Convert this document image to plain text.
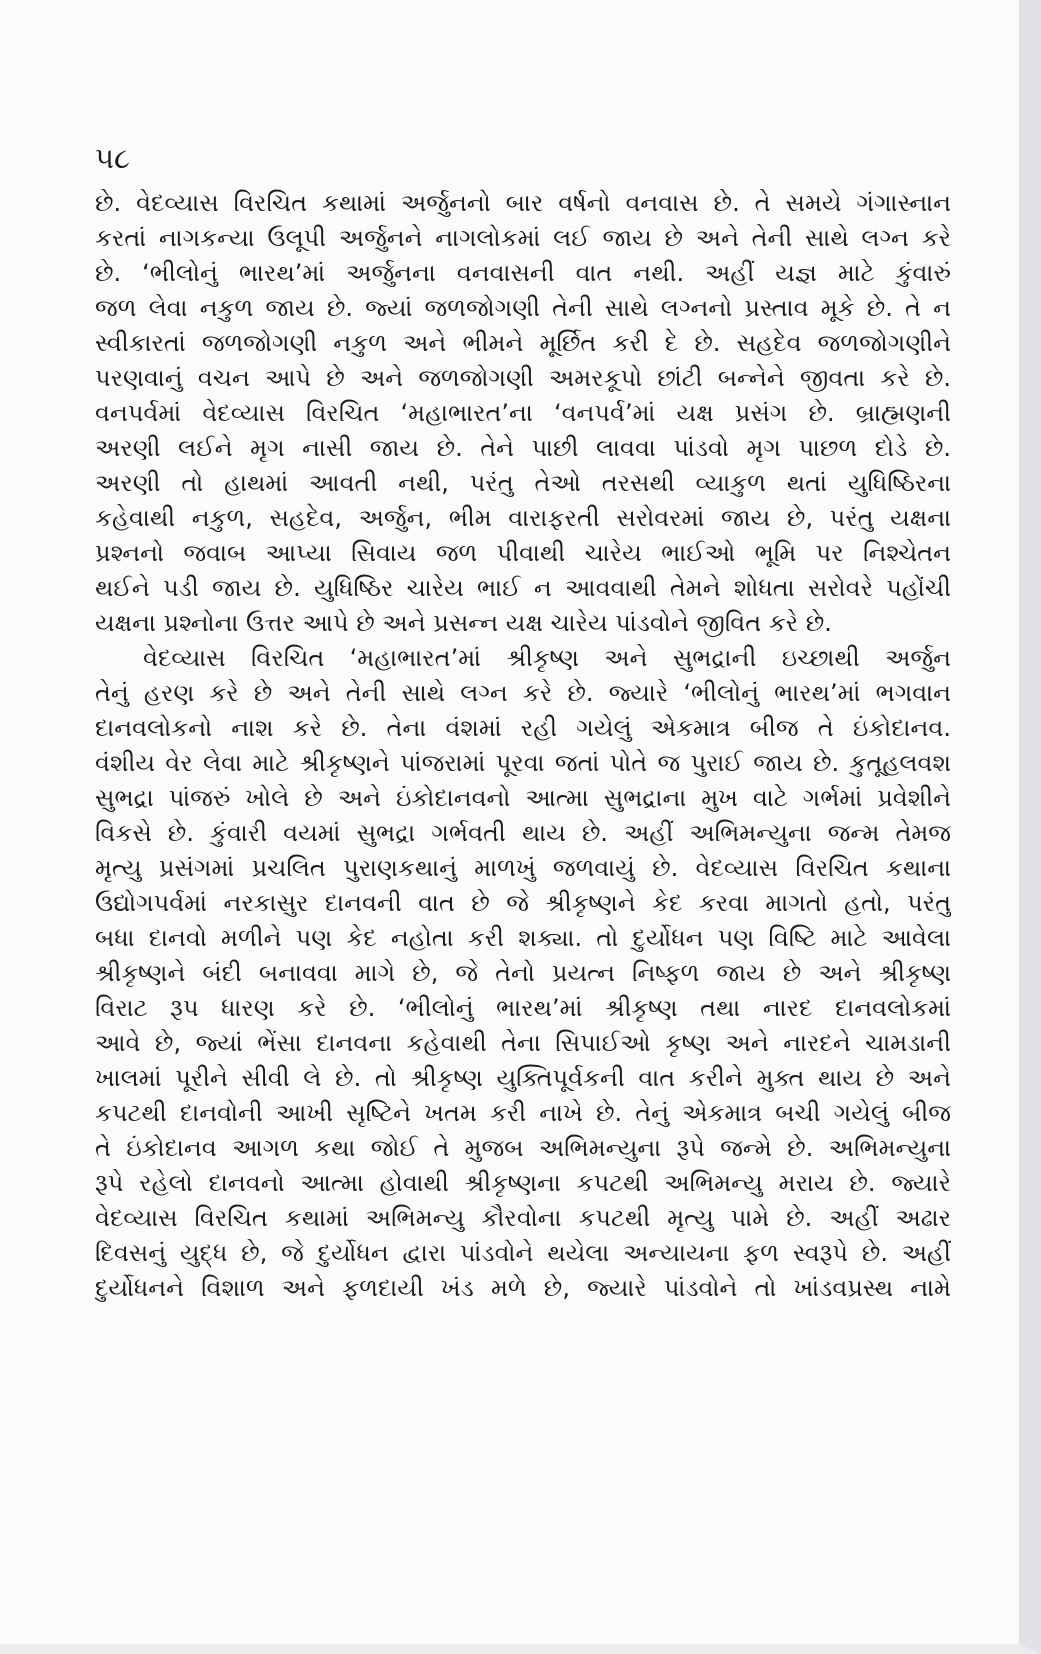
૫૮
છે. વેદવ્યાસ વિરચિત કથામાં અર્જુનનો બાર વર્ષનો વનવાસ છે. તે સમયે ગંગાસ્નાન
કરતાં નાગકન્યા ઉલૂપી અર્જુનને નાગલોકમાં લઈ જાય છે અને તેની સાથે લગ્ન કરે
છે. ‘ભીલોનું ભારથ’માં અર્જુનના વનવાસની વાત નથી. અહીં યજ્ઞ માટે કુંવારું
જળ લેવા નકુળ જાય છે. જ્યાં જળજોગણી તેની સાથે લગ્નનો પ્રસ્તાવ મૂકે છે. તે ન
સ્વીકારતાં જળજોગણી નકુળ અને ભીમને મૂર્છિત કરી દે છે. સહદેવ જળજોગણીને
પરણવાનું વચન આપે છે અને જળજોગણી અમરકૂપો છાંટી બન્નેને જીવતા કરે છે.
વનપર્વમાં વેદવ્યાસ વિરચિત ‘મહાભારત’ના ‘વનપર્વ’માં યક્ષ પ્રસંગ છે. બ્રાહ્મણની
અરણી લઈને મૃગ નાસી જાય છે. તેને પાછી લાવવા પાંડવો મૃગ પાછળ દોડે છે.
અરણી તો હાથમાં આવતી નથી, પરંતુ તેઓ તરસથી વ્યાકુળ થતાં યુધિષ્ઠિરના
કહેવાથી નકુળ, સહદેવ, અર્જુન, ભીમ વારાફરતી સરોવરમાં જાય છે, પરંતુ યક્ષના
પ્રશ્નનો જવાબ આપ્યા સિવાય જળ પીવાથી ચારેય ભાઈઓ ભૂમિ પર નિશ્ચેતન
થઈને પડી જાય છે. યુધિષ્ઠિર ચારેય ભાઈ ન આવવાથી તેમને શોધતા સરોવરે પહોંચી
યક્ષના પ્રશ્નોના ઉત્તર આપે છે અને પ્રસન્ન યક્ષ ચારેય પાંડવોને જીવિત કરે છે.
વેદવ્યાસ વિરચિત ‘મહાભારત’માં શ્રીકૃષ્ણ અને સુભદ્રાની ઇચ્છાથી અર્જુન
તેનું હરણ કરે છે અને તેની સાથે લગ્ન કરે છે. જ્યારે ‘ભીલોનું ભારથ’માં ભગવાન
દાનવલોકનો નાશ કરે છે. તેના વંશમાં રહી ગયેલું એકમાત્ર બીજ તે ઇંકોદાનવ.
વંશીય વેર લેવા માટે શ્રીકૃષ્ણને પાંજરામાં પૂરવા જતાં પોતે જ પુરાઈ જાય છે. કુતૂહલવશ
સુભદ્રા પાંજરું ખોલે છે અને ઇંકોદાનવનો આત્મા સુભદ્રાના મુખ વાટે ગર્ભમાં પ્રવેશીને
વિકસે છે. કુંવારી વયમાં સુભદ્રા ગર્ભવતી થાય છે. અહીં અભિમન્યુના જન્મ તેમજ
મૃત્યુ પ્રસંગમાં પ્રચલિત પુરાણકથાનું માળખું જળવાયું છે. વેદવ્યાસ વિરચિત કથાના
ઉદ્યોગપર્વમાં નરકાસુર દાનવની વાત છે જે શ્રીકૃષ્ણને કેદ કરવા માગતો હતો, પરંતુ
બધા દાનવો મળીને પણ કેદ નહોતા કરી શક્યા. તો દુર્યોધન પણ વિષ્ટિ માટે આવેલા
શ્રીકૃષ્ણને બંદી બનાવવા માગે છે, જે તેનો પ્રયત્ન નિષ્ફળ જાય છે અને શ્રીકૃષ્ણ
વિરાટ રૂપ ધારણ કરે છે. ‘ભીલોનું ભારથ’માં શ્રીકૃષ્ણ તથા નારદ દાનવલોકમાં
આવે છે, જ્યાં ભેંસા દાનવના કહેવાથી તેના સિપાઈઓ કૃષ્ણ અને નારદને ચામડાની
ખાલમાં પૂરીને સીવી લે છે. તો શ્રીકૃષ્ણ યુક્તિપૂર્વકની વાત કરીને મુક્ત થાય છે અને
કપટથી દાનવોની આખી સૃષ્ટિને ખતમ કરી નાખે છે. તેનું એકમાત્ર બચી ગયેલું બીજ
તે ઇંકોદાનવ આગળ કથા જોઈ તે મુજબ અભિમન્યુના રૂપે જન્મે છે. અભિમન્યુના
રૂપે રહેલો દાનવનો આત્મા હોવાથી શ્રીકૃષ્ણના કપટથી અભિમન્યુ મરાય છે. જ્યારે
વેદવ્યાસ વિરચિત કથામાં અભિમન્યુ કૌરવોના કપટથી મૃત્યુ પામે છે. અહીં અઢાર
દિવસનું યુદ્ધ છે, જે દુર્યોધન દ્વારા પાંડવોને થયેલા અન્યાયના ફળ સ્વરૂપે છે. અહીં
દુર્યોધનને વિશાળ અને ફળદાયી ખંડ મળે છે, જ્યારે પાંડવોને તો ખાંડવપ્રસ્થ નામે
